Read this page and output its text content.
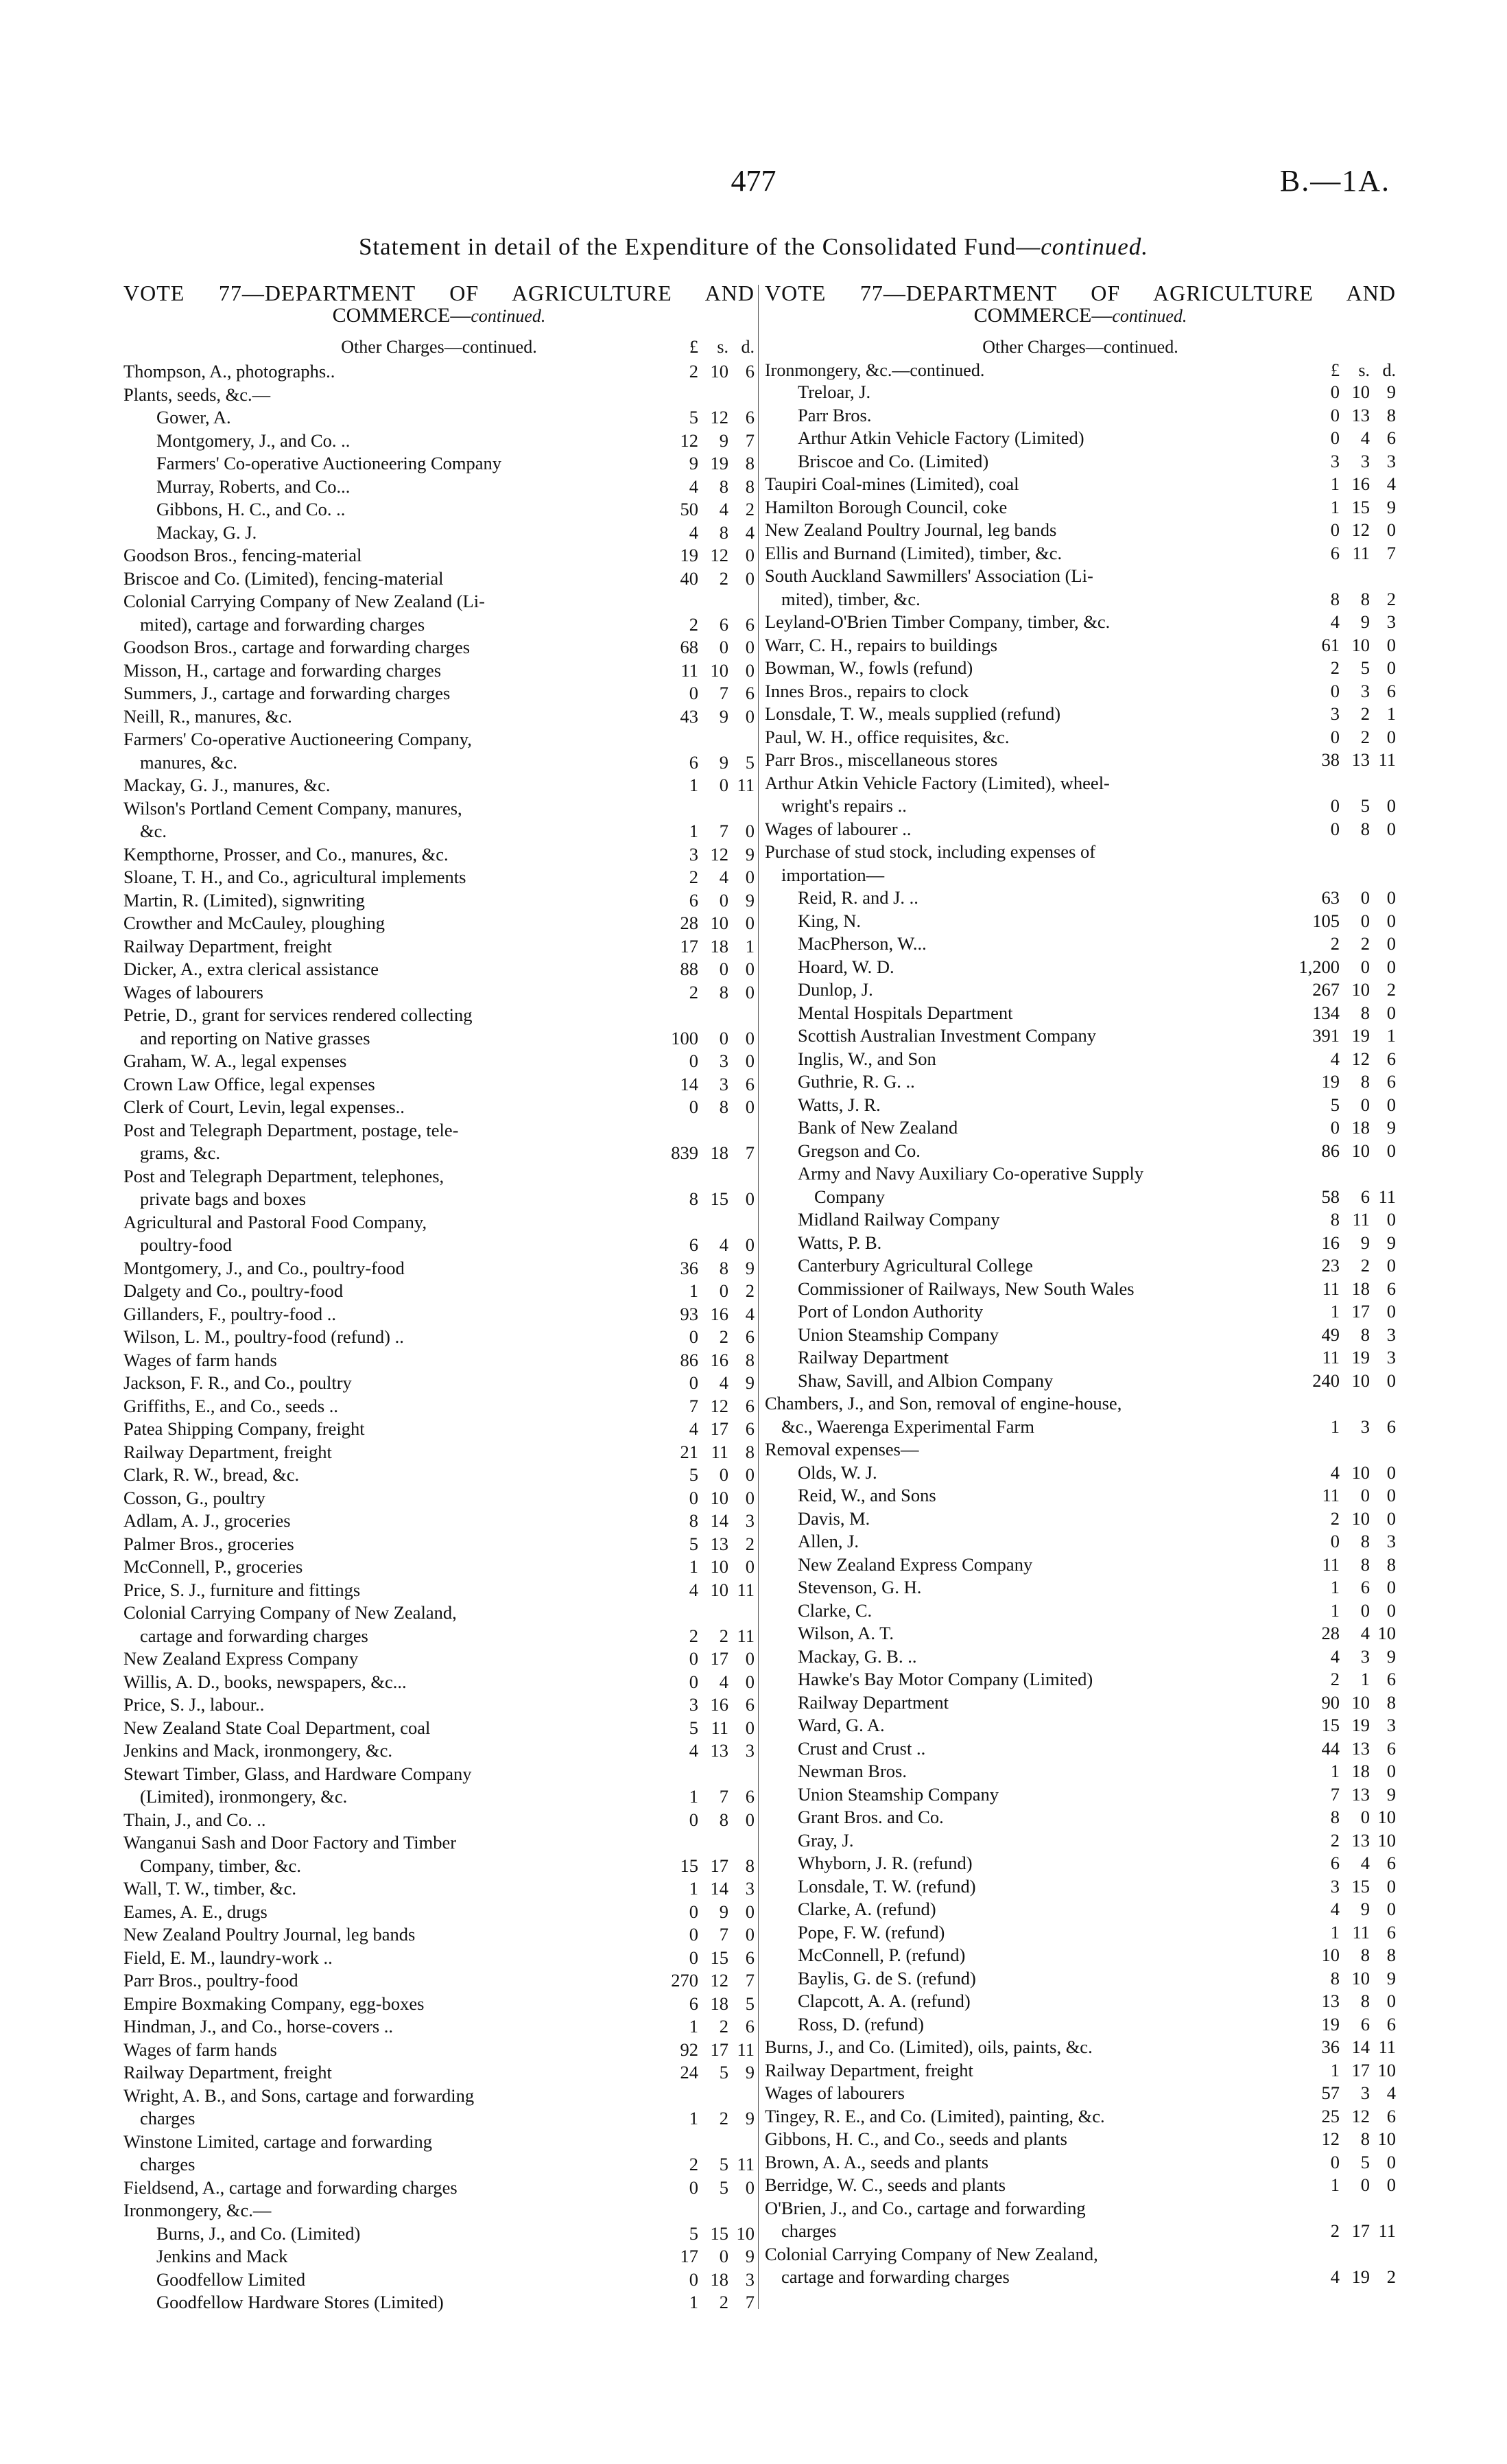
477	B.—1A.
Statement in detail of the Expenditure of the Consolidated Fund—continued.
VOTE 77—DEPARTMENT OF AGRICULTURE AND
COMMERCE—continued.
Other Charges—continued.	£ s. d.
Thompson, A., photographs..	2 10 6
Plants, seeds, &c.—
Gower, A.	5 12 6
Montgomery, J., and Co. ..	12	9 7
Farmers' Co-operative Auctioneering Company	9 19 8
Murray, Roberts, and Co...	4	8 8
Gibbons, H. C., and Co. ..	50	4 2
Mackay, G. J.	4	8 4
Goodson Bros., fencing-material	19 12 0
Briscoe and Co. (Limited), fencing-material	40	2 0
Colonial Carrying Company of New Zealand (Li-
mited), cartage and forwarding charges	2	6 6
Goodson Bros., cartage and forwarding charges	68	0 0
Misson, H., cartage and forwarding charges	11 10 0
Summers, J., cartage and forwarding charges	0	7 6
Neill, R., manures, &c.	43	9 0
Farmers' Co-operative Auctioneering Company,
manures, &c.	6	9 5
Mackay, G. J., manures, &c.	1	0 11
Wilson's Portland Cement Company, manures,
&c.	1	7 0
Kempthorne, Prosser, and Co., manures, &c.	3 12 9
Sloane, T. H., and Co., agricultural implements	2	4 0
Martin, R. (Limited), signwriting	6	0 9
Crowther and McCauley, ploughing	28 10 0
Railway Department, freight	17 18 1
Dicker, A., extra clerical assistance	88	0 0
Wages of labourers	2	8 0
Petrie, D., grant for services rendered collecting
and reporting on Native grasses	100	0 0
Graham, W. A., legal expenses	0	3 0
Crown Law Office, legal expenses	14	3 6
Clerk of Court, Levin, legal expenses..	0	8 0
Post and Telegraph Department, postage, tele-
grams, &c.	839 18 7
Post and Telegraph Department, telephones,
private bags and boxes	8 15 0
Agricultural and Pastoral Food Company,
poultry-food	6	4 0
Montgomery, J., and Co., poultry-food	36	8 9
Dalgety and Co., poultry-food	1	0 2
Gillanders, F., poultry-food ..	93 16 4
Wilson, L. M., poultry-food (refund) ..	0	2 6
Wages of farm hands	86 16 8
Jackson, F. R., and Co., poultry	0	4 9
Griffiths, E., and Co., seeds ..	7 12 6
Patea Shipping Company, freight	4 17 6
Railway Department, freight	21 11 8
Clark, R. W., bread, &c.	5	0 0
Cosson, G., poultry	0 10 0
Adlam, A. J., groceries	8 14 3
Palmer Bros., groceries	5 13 2
McConnell, P., groceries	1 10 0
Price, S. J., furniture and fittings	4 10 11
Colonial Carrying Company of New Zealand,
cartage and forwarding charges	2	2 11
New Zealand Express Company	0 17 0
Willis, A. D., books, newspapers, &c...	0	4 0
Price, S. J., labour..	3 16 6
New Zealand State Coal Department, coal	5 11 0
Jenkins and Mack, ironmongery, &c.	4 13 3
Stewart Timber, Glass, and Hardware Company
(Limited), ironmongery, &c.	1	7 6
Thain, J., and Co. ..	0	8 0
Wanganui Sash and Door Factory and Timber
Company, timber, &c.	15 17 8
Wall, T. W., timber, &c.	1 14 3
Eames, A. E., drugs	0	9 0
New Zealand Poultry Journal, leg bands	0	7 0
Field, E. M., laundry-work ..	0 15 6
Parr Bros., poultry-food	270 12 7
Empire Boxmaking Company, egg-boxes	6 18 5
Hindman, J., and Co., horse-covers ..	1	2 6
Wages of farm hands	92 17 11
Railway Department, freight	24	5 9
Wright, A. B., and Sons, cartage and forwarding
charges	1	2 9
Winstone Limited, cartage and forwarding
charges	2	5 11
Fieldsend, A., cartage and forwarding charges	0	5 0
Ironmongery, &c.—
Burns, J., and Co. (Limited)	5 15 10
Jenkins and Mack	17	0 9
Goodfellow Limited	0 18 3
Goodfellow Hardware Stores (Limited)	1	2 7
VOTE 77—DEPARTMENT OF AGRICULTURE AND
COMMERCE—continued.
Other Charges—continued.
Ironmongery, &c.—continued.	£	s. d.
Treloar, J.	0 10 9
Parr Bros.	0 13 8
Arthur Atkin Vehicle Factory (Limited)	0	4 6
Briscoe and Co. (Limited)	3	3 3
Taupiri Coal-mines (Limited), coal	1 16 4
Hamilton Borough Council, coke	1 15 9
New Zealand Poultry Journal, leg bands	0 12 0
Ellis and Burnand (Limited), timber, &c.	6 11 7
South Auckland Sawmillers' Association (Li-
mited), timber, &c.	8	8 2
Leyland-O'Brien Timber Company, timber, &c.	4	9 3
Warr, C. H., repairs to buildings	61 10 0
Bowman, W., fowls (refund)	2	5 0
Innes Bros., repairs to clock	0	3 6
Lonsdale, T. W., meals supplied (refund)	3	2 1
Paul, W. H., office requisites, &c.	0	2 0
Parr Bros., miscellaneous stores	38 13 11
Arthur Atkin Vehicle Factory (Limited), wheel-
wright's repairs ..	0	5 0
Wages of labourer ..	0	8 0
Purchase of stud stock, including expenses of
importation—
Reid, R. and J. ..	63	0 0
King, N.	105	0 0
MacPherson, W...	2	2 0
Hoard, W. D.	1,200	0 0
Dunlop, J.	267 10 2
Mental Hospitals Department	134	8 0
Scottish Australian Investment Company	391 19 1
Inglis, W., and Son	4 12 6
Guthrie, R. G. ..	19	8 6
Watts, J. R.	5	0 0
Bank of New Zealand	0 18 9
Gregson and Co.	86 10 0
Army and Navy Auxiliary Co-operative Supply
Company	58	6 11
Midland Railway Company	8 11 0
Watts, P. B.	16	9 9
Canterbury Agricultural College	23	2 0
Commissioner of Railways, New South Wales	11 18 6
Port of London Authority	1 17 0
Union Steamship Company	49	8 3
Railway Department	11 19 3
Shaw, Savill, and Albion Company	240 10 0
Chambers, J., and Son, removal of engine-house,
&c., Waerenga Experimental Farm	1	3 6
Removal expenses—
Olds, W. J.	4 10 0
Reid, W., and Sons	11	0 0
Davis, M.	2 10 0
Allen, J.	0	8 3
New Zealand Express Company	11	8 8
Stevenson, G. H.	1	6 0
Clarke, C.	1	0 0
Wilson, A. T.	28	4 10
Mackay, G. B. ..	4	3 9
Hawke's Bay Motor Company (Limited)	2	1 6
Railway Department	90 10 8
Ward, G. A.	15 19 3
Crust and Crust ..	44 13 6
Newman Bros.	1 18 0
Union Steamship Company	7 13 9
Grant Bros. and Co.	8	0 10
Gray, J.	2 13 10
Whyborn, J. R. (refund)	6	4 6
Lonsdale, T. W. (refund)	3 15 0
Clarke, A. (refund)	4	9 0
Pope, F. W. (refund)	1 11 6
McConnell, P. (refund)	10	8 8
Baylis, G. de S. (refund)	8 10 9
Clapcott, A. A. (refund)	13	8 0
Ross, D. (refund)	19	6 6
Burns, J., and Co. (Limited), oils, paints, &c.	36 14 11
Railway Department, freight	1 17 10
Wages of labourers	57	3 4
Tingey, R. E., and Co. (Limited), painting, &c.	25 12 6
Gibbons, H. C., and Co., seeds and plants	12	8 10
Brown, A. A., seeds and plants	0	5 0
Berridge, W. C., seeds and plants	1	0 0
O'Brien, J., and Co., cartage and forwarding
charges	2 17 11
Colonial Carrying Company of New Zealand,
cartage and forwarding charges	4 19 2
